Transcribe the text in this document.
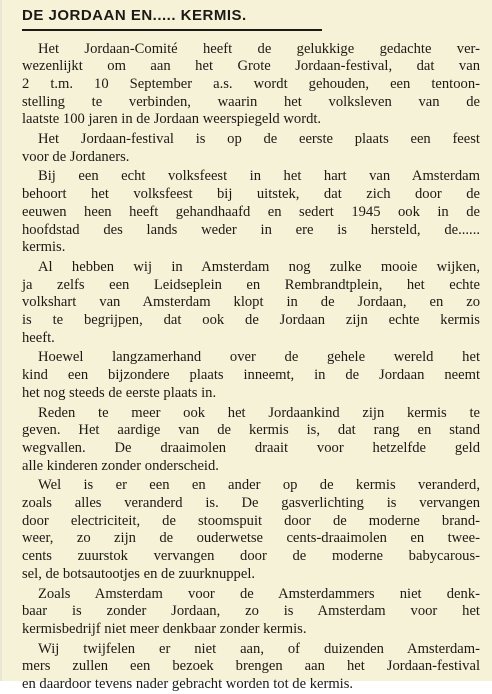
DE JORDAAN EN..... KERMIS.

Het Jordaan-Comité heeft de gelukkige gedachte ver-
wezenlijkt om aan het Grote Jordaan-festival, dat van
2 t.m. 10 September a.s. wordt gehouden, een tentoon-
stelling te verbinden, waarin het volksleven van de
laatste 100 jaren in de Jordaan weerspiegeld wordt.

Het Jordaan-festival is op de eerste plaats een feest
voor de Jordaners.

Bij een echt volksfeest in het hart van Amsterdam
behoort het volksfeest bij uitstek, dat zich door de
eeuwen heen heeft gehandhaafd en sedert 1945 ook in de
hoofdstad des lands weder in ere is hersteld, de......
kermis.

Al hebben wij in Amsterdam nog zulke mooie wijken,
ja zelfs een Leidseplein en Rembrandtplein, het echte
volkshart van Amsterdam klopt in de Jordaan, en zo
is te begrijpen, dat ook de Jordaan zijn echte kermis
heeft.

Hoewel langzamerhand over de gehele wereld het
kind een bijzondere plaats inneemt, in de Jordaan neemt
het nog steeds de eerste plaats in.

Reden te meer ook het Jordaankind zijn kermis te
geven. Het aardige van de kermis is, dat rang en stand
wegvallen. De draaimolen draait voor hetzelfde geld
alle kinderen zonder onderscheid.

Wel is er een en ander op de kermis veranderd,
zoals alles veranderd is. De gasverlichting is vervangen
door electriciteit, de stoomspuit door de moderne brand-
weer, zo zijn de ouderwetse cents-draaimolen en twee-
cents zuurstok vervangen door de moderne babycarous-
sel, de botsautootjes en de zuurknuppel.

Zoals Amsterdam voor de Amsterdammers niet denk-
baar is zonder Jordaan, zo is Amsterdam voor het
kermisbedrijf niet meer denkbaar zonder kermis.

Wij twijfelen er niet aan, of duizenden Amsterdam-
mers zullen een bezoek brengen aan het Jordaan-festival
en daardoor tevens nader gebracht worden tot de kermis.
